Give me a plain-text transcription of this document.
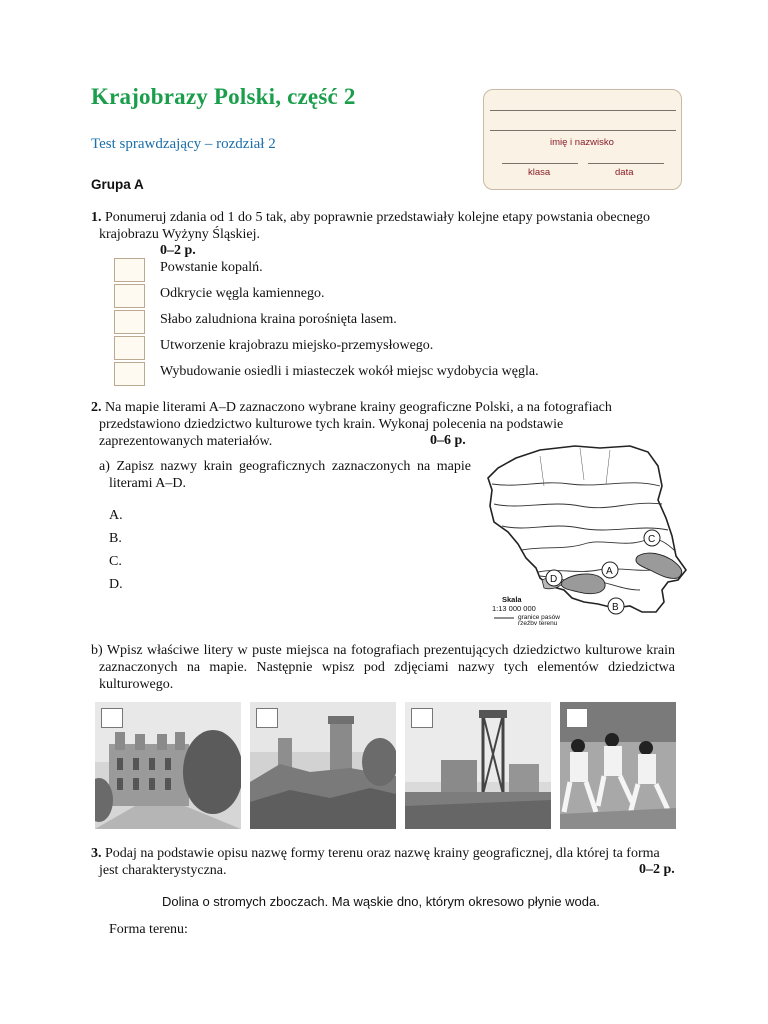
Krajobrazy Polski, część 2
Test sprawdzający – rozdział 2
Grupa A
imię i nazwisko
klasa	data
1. Ponumeruj zdania od 1 do 5 tak, aby poprawnie przedstawiały kolejne etapy powstania obecnego
krajobrazu Wyżyny Śląskiej.
0–2 p.
Powstanie kopalń.
Odkrycie węgla kamiennego.
Słabo zaludniona kraina porośnięta lasem.
Utworzenie krajobrazu miejsko-przemysłowego.
Wybudowanie osiedli i miasteczek wokół miejsc wydobycia węgla.
2. Na mapie literami A–D zaznaczono wybrane krainy geograficzne Polski, a na fotografiach
przedstawiono dziedzictwo kulturowe tych krain. Wykonaj polecenia na podstawie
zaprezentowanych materiałów.	0–6 p.
a) Zapisz nazwy krain geograficznych zaznaczonych na mapie
literami A–D.
A.
B.
C.
D.
A
B
C
D
Skala
1:13 000 000
granice pasów
rzeźby terenu
b) Wpisz właściwe litery w puste miejsca na fotografiach prezentujących dziedzictwo kulturowe krain
zaznaczonych na mapie. Następnie wpisz pod zdjęciami nazwy tych elementów dziedzictwa
kulturowego.
3. Podaj na podstawie opisu nazwę formy terenu oraz nazwę krainy geograficznej, dla której ta forma
jest charakterystyczna.	0–2 p.
Dolina o stromych zboczach. Ma wąskie dno, którym okresowo płynie woda.
Forma terenu:
